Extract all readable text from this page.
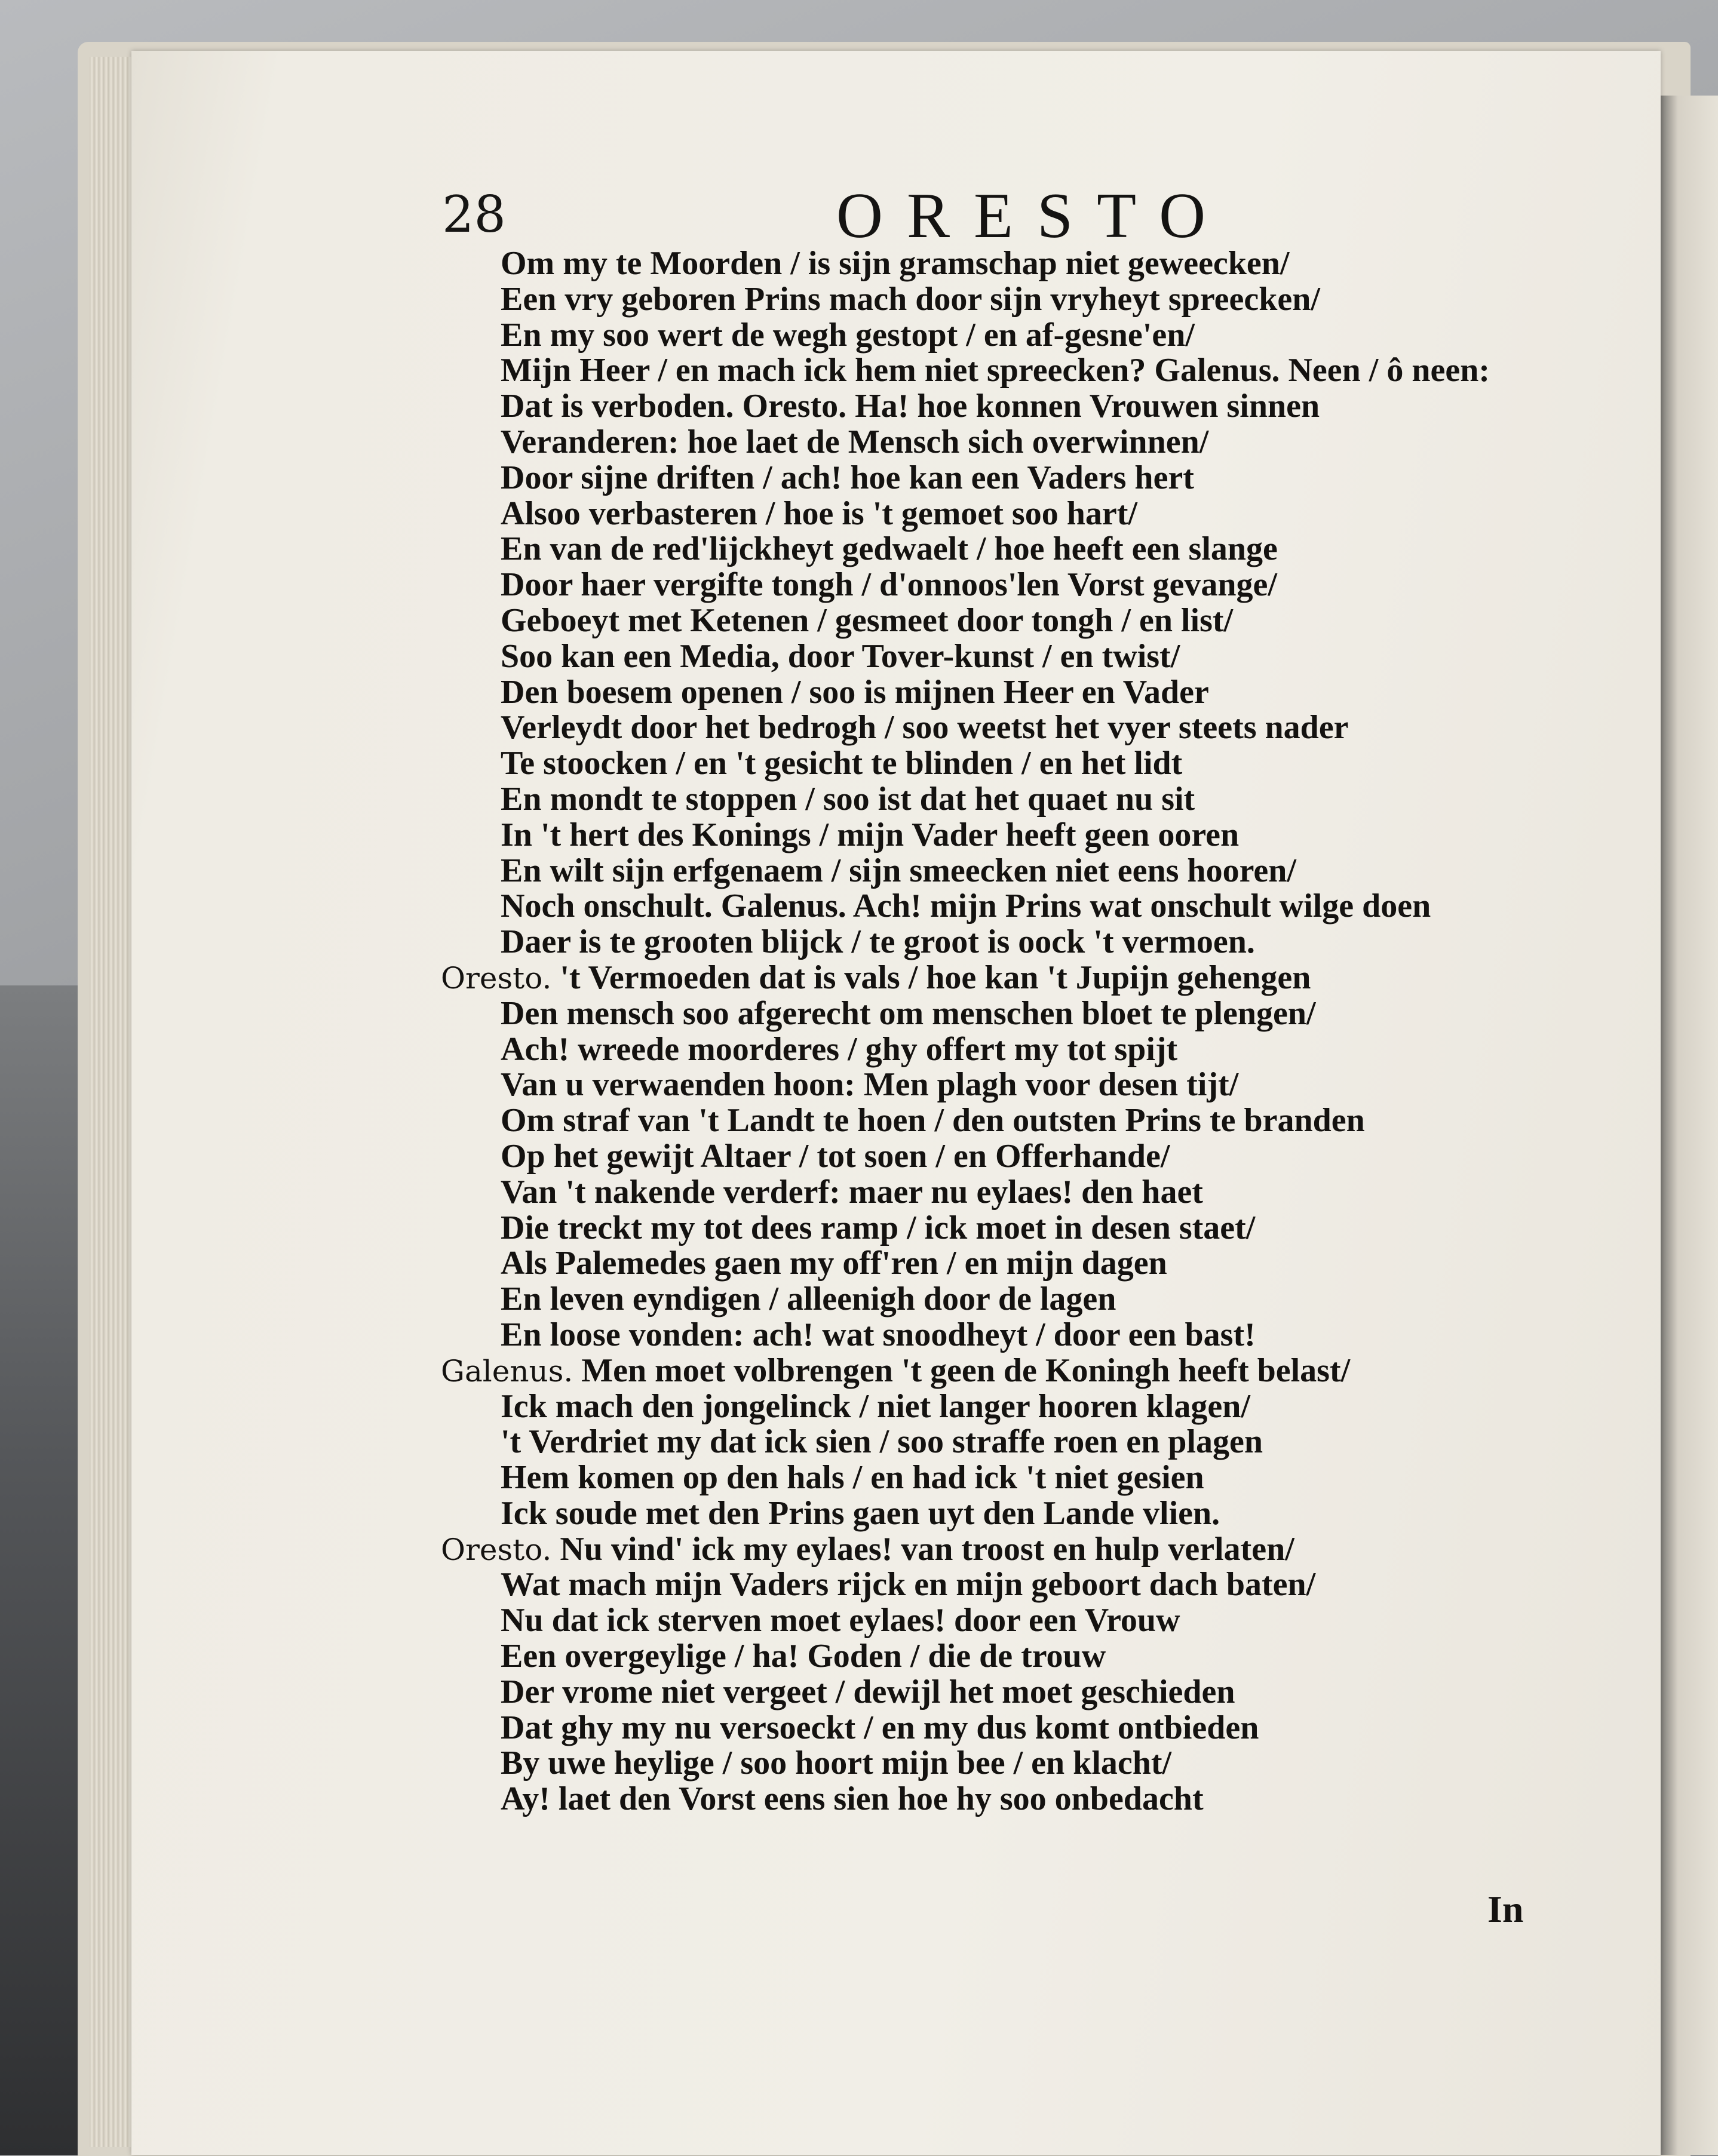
28	ORESTO
Om my te Moorden / is sijn gramschap niet geweecken/
Een vry geboren Prins mach door sijn vryheyt spreecken/
En my soo wert de wegh gestopt / en af-gesne'en/
Mijn Heer / en mach ick hem niet spreecken? Galenus. Neen / ô neen:
Dat is verboden. Oresto. Ha! hoe konnen Vrouwen sinnen
Veranderen: hoe laet de Mensch sich overwinnen/
Door sijne driften / ach! hoe kan een Vaders hert
Alsoo verbasteren / hoe is 't gemoet soo hart/
En van de red'lijckheyt gedwaelt / hoe heeft een slange
Door haer vergifte tongh / d'onnoos'len Vorst gevange/
Geboeyt met Ketenen / gesmeet door tongh / en list/
Soo kan een Media, door Tover-kunst / en twist/
Den boesem openen / soo is mijnen Heer en Vader
Verleydt door het bedrogh / soo weetst het vyer steets nader
Te stoocken / en 't gesicht te blinden / en het lidt
En mondt te stoppen / soo ist dat het quaet nu sit
In 't hert des Konings / mijn Vader heeft geen ooren
En wilt sijn erfgenaem / sijn smeecken niet eens hooren/
Noch onschult. Galenus. Ach! mijn Prins wat onschult wilge doen
Daer is te grooten blijck / te groot is oock 't vermoen.
Oresto. 't Vermoeden dat is vals / hoe kan 't Jupijn gehengen
Den mensch soo afgerecht om menschen bloet te plengen/
Ach! wreede moorderes / ghy offert my tot spijt
Van u verwaenden hoon: Men plagh voor desen tijt/
Om straf van 't Landt te hoen / den outsten Prins te branden
Op het gewijt Altaer / tot soen / en Offerhande/
Van 't nakende verderf: maer nu eylaes! den haet
Die treckt my tot dees ramp / ick moet in desen staet/
Als Palemedes gaen my off'ren / en mijn dagen
En leven eyndigen / alleenigh door de lagen
En loose vonden: ach! wat snoodheyt / door een bast!
Galenus. Men moet volbrengen 't geen de Koningh heeft belast/
Ick mach den jongelinck / niet langer hooren klagen/
't Verdriet my dat ick sien / soo straffe roen en plagen
Hem komen op den hals / en had ick 't niet gesien
Ick soude met den Prins gaen uyt den Lande vlien.
Oresto. Nu vind' ick my eylaes! van troost en hulp verlaten/
Wat mach mijn Vaders rijck en mijn geboort dach baten/
Nu dat ick sterven moet eylaes! door een Vrouw
Een overgeylige / ha! Goden / die de trouw
Der vrome niet vergeet / dewijl het moet geschieden
Dat ghy my nu versoeckt / en my dus komt ontbieden
By uwe heylige / soo hoort mijn bee / en klacht/
Ay! laet den Vorst eens sien hoe hy soo onbedacht
In
